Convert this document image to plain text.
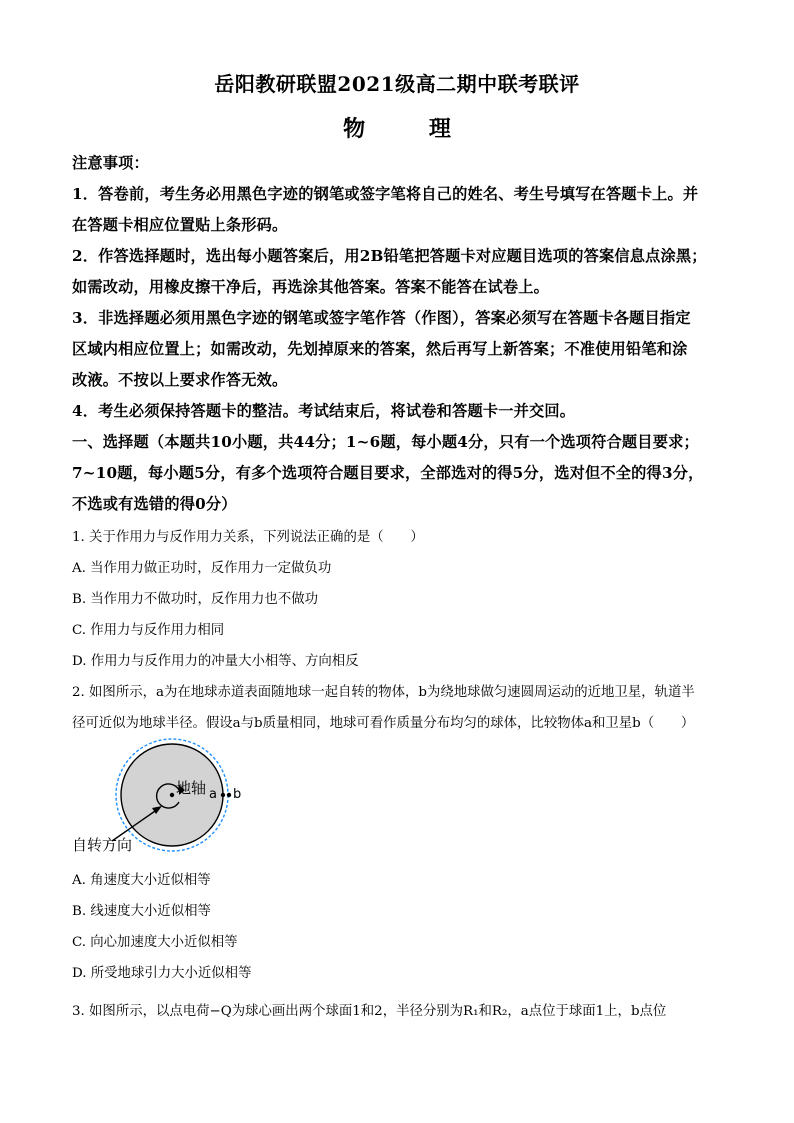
岳阳教研联盟2021级高二期中联考联评
物 理
注意事项：
1．答卷前，考生务必用黑色字迹的钢笔或签字笔将自己的姓名、考生号填写在答题卡上。并
在答题卡相应位置贴上条形码。
2．作答选择题时，选出每小题答案后，用2B铅笔把答题卡对应题目选项的答案信息点涂黑；
如需改动，用橡皮擦干净后，再选涂其他答案。答案不能答在试卷上。
3．非选择题必须用黑色字迹的钢笔或签字笔作答（作图），答案必须写在答题卡各题目指定
区域内相应位置上；如需改动，先划掉原来的答案，然后再写上新答案；不准使用铅笔和涂
改液。不按以上要求作答无效。
4．考生必须保持答题卡的整洁。考试结束后，将试卷和答题卡一并交回。
一、选择题（本题共10小题，共44分；1~6题，每小题4分，只有一个选项符合题目要求；
7~10题，每小题5分，有多个选项符合题目要求，全部选对的得5分，选对但不全的得3分，
不选或有选错的得0分）
1. 关于作用力与反作用力关系，下列说法正确的是（　　）
A. 当作用力做正功时，反作用力一定做负功
B. 当作用力不做功时，反作用力也不做功
C. 作用力与反作用力相同
D. 作用力与反作用力的冲量大小相等、方向相反
2. 如图所示，a为在地球赤道表面随地球一起自转的物体，b为绕地球做匀速圆周运动的近地卫星，轨道半
径可近似为地球半径。假设a与b质量相同，地球可看作质量分布均匀的球体，比较物体a和卫星b（　　）
地轴 a b
自转方向
A. 角速度大小近似相等
B. 线速度大小近似相等
C. 向心加速度大小近似相等
D. 所受地球引力大小近似相等
3. 如图所示，以点电荷−Q为球心画出两个球面1和2，半径分别为R₁和R₂，a点位于球面1上，b点位
